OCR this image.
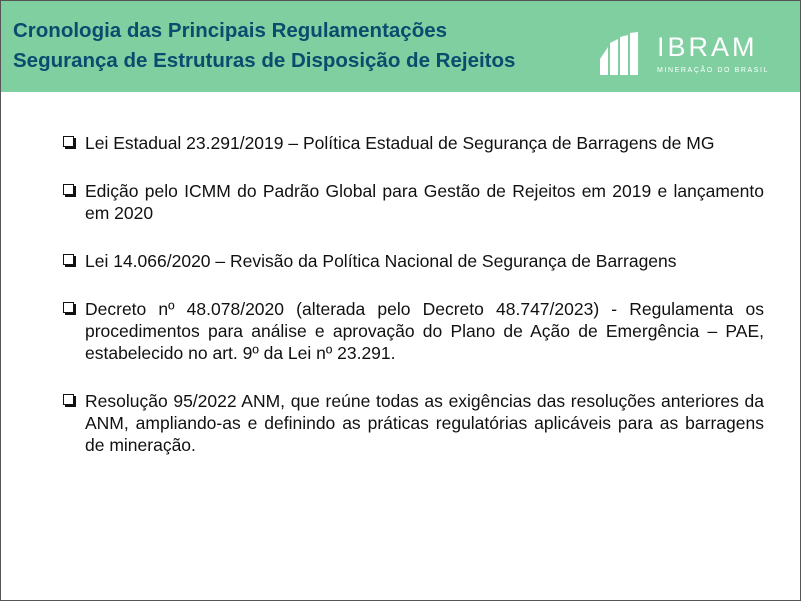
Cronologia das Principais Regulamentações
Segurança de Estruturas de Disposição de Rejeitos	IBRAM
MINERAÇÃO DO BRASIL
Lei Estadual 23.291/2019 – Política Estadual de Segurança de Barragens de MG
Edição pelo ICMM do Padrão Global para Gestão de Rejeitos em 2019 e lançamento em 2020
Lei 14.066/2020 – Revisão da Política Nacional de Segurança de Barragens
Decreto nº 48.078/2020 (alterada pelo Decreto 48.747/2023) - Regulamenta os procedimentos para análise e aprovação do Plano de Ação de Emergência – PAE, estabelecido no art. 9º da Lei nº 23.291.
Resolução 95/2022 ANM, que reúne todas as exigências das resoluções anteriores da ANM, ampliando-as e definindo as práticas regulatórias aplicáveis para as barragens de mineração.
